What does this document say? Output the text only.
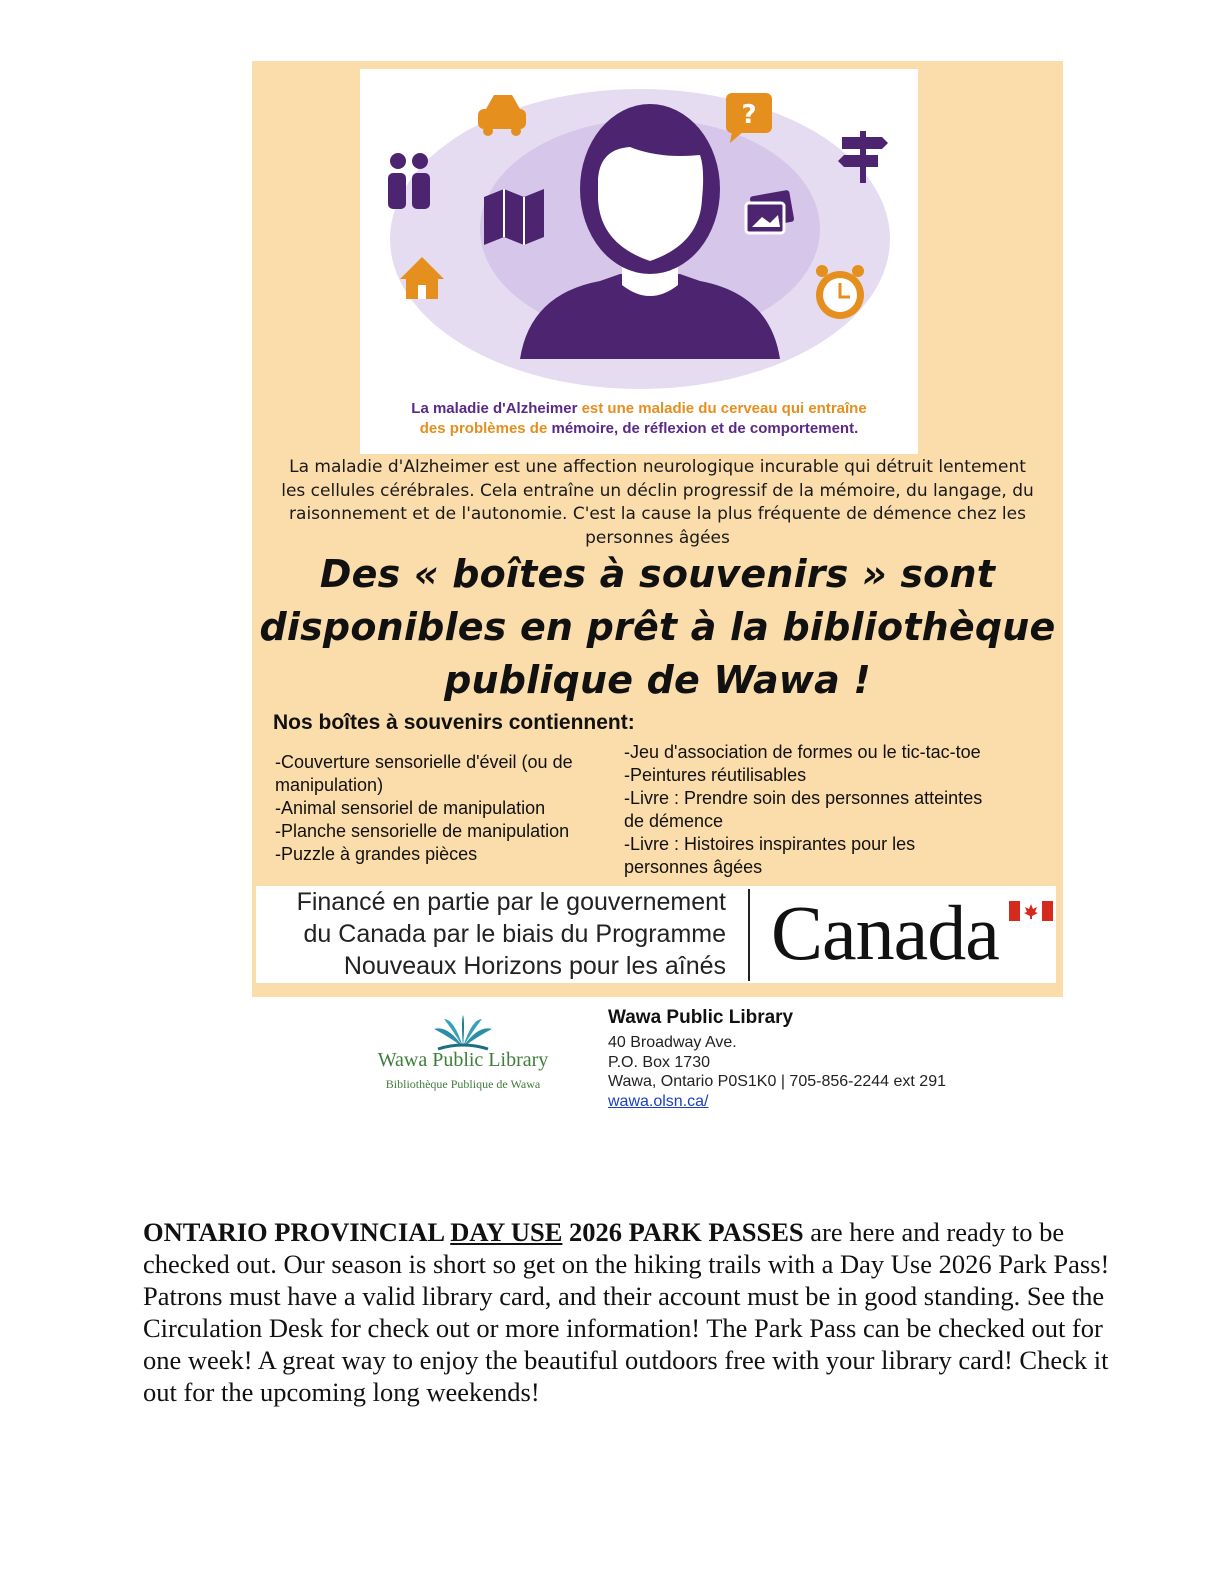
?
La maladie d'Alzheimer est une maladie du cerveau qui entraîne
des problèmes de mémoire, de réflexion et de comportement.
La maladie d'Alzheimer est une affection neurologique incurable qui détruit lentement
les cellules cérébrales. Cela entraîne un déclin progressif de la mémoire, du langage, du
raisonnement et de l'autonomie. C'est la cause la plus fréquente de démence chez les
personnes âgées
Des « boîtes à souvenirs » sont
disponibles en prêt à la bibliothèque
publique de Wawa !
Nos boîtes à souvenirs contiennent:
-Couverture sensorielle d'éveil (ou de
manipulation)
-Animal sensoriel de manipulation
-Planche sensorielle de manipulation
-Puzzle à grandes pièces
-Jeu d'association de formes ou le tic-tac-toe
-Peintures réutilisables
-Livre : Prendre soin des personnes atteintes
de démence
-Livre : Histoires inspirantes pour les
personnes âgées
Financé en partie par le gouvernement
du Canada par le biais du Programme
Nouveaux Horizons pour les aînés Canada
Wawa Public Library
Bibliothèque Publique de Wawa
Wawa Public Library
40 Broadway Ave.
P.O. Box 1730
Wawa, Ontario P0S1K0 | 705-856-2244 ext 291
wawa.olsn.ca/
ONTARIO PROVINCIAL DAY USE 2026 PARK PASSES are here and ready to be checked out. Our season is short so get on the hiking trails with a Day Use 2026 Park Pass! Patrons must have a valid library card, and their account must be in good standing. See the Circulation Desk for check out or more information! The Park Pass can be checked out for one week! A great way to enjoy the beautiful outdoors free with your library card! Check it out for the upcoming long weekends!
